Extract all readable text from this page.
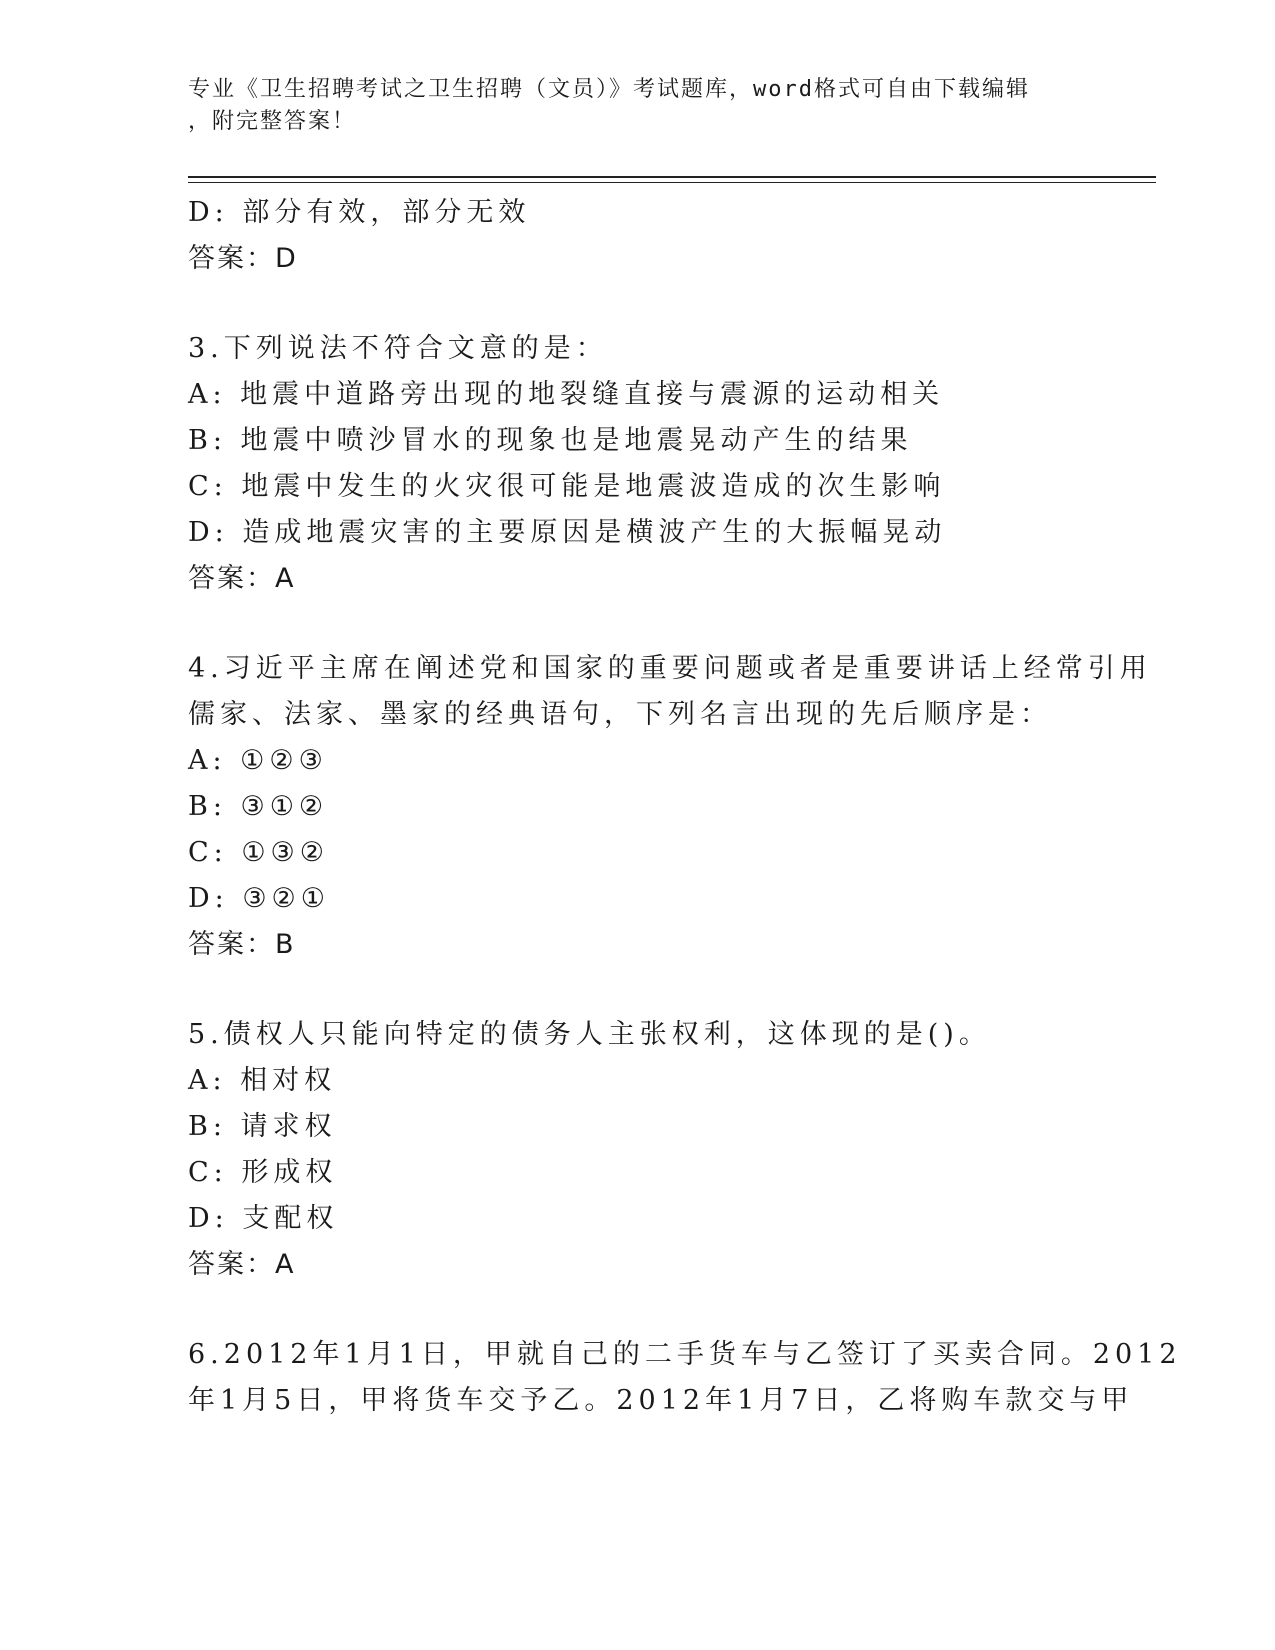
专业《卫生招聘考试之卫生招聘（文员）》考试题库，word格式可自由下载编辑
，附完整答案！
D: 部分有效，部分无效
答案：D
3.下列说法不符合文意的是：
A: 地震中道路旁出现的地裂缝直接与震源的运动相关
B: 地震中喷沙冒水的现象也是地震晃动产生的结果
C: 地震中发生的火灾很可能是地震波造成的次生影响
D: 造成地震灾害的主要原因是横波产生的大振幅晃动
答案：A
4.习近平主席在阐述党和国家的重要问题或者是重要讲话上经常引用
儒家、法家、墨家的经典语句，下列名言出现的先后顺序是：
A: ①②③
B: ③①②
C: ①③②
D: ③②①
答案：B
5.债权人只能向特定的债务人主张权利，这体现的是()。
A: 相对权
B: 请求权
C: 形成权
D: 支配权
答案：A
6.2012年1月1日，甲就自己的二手货车与乙签订了买卖合同。2012
年1月5日，甲将货车交予乙。2012年1月7日，乙将购车款交与甲
